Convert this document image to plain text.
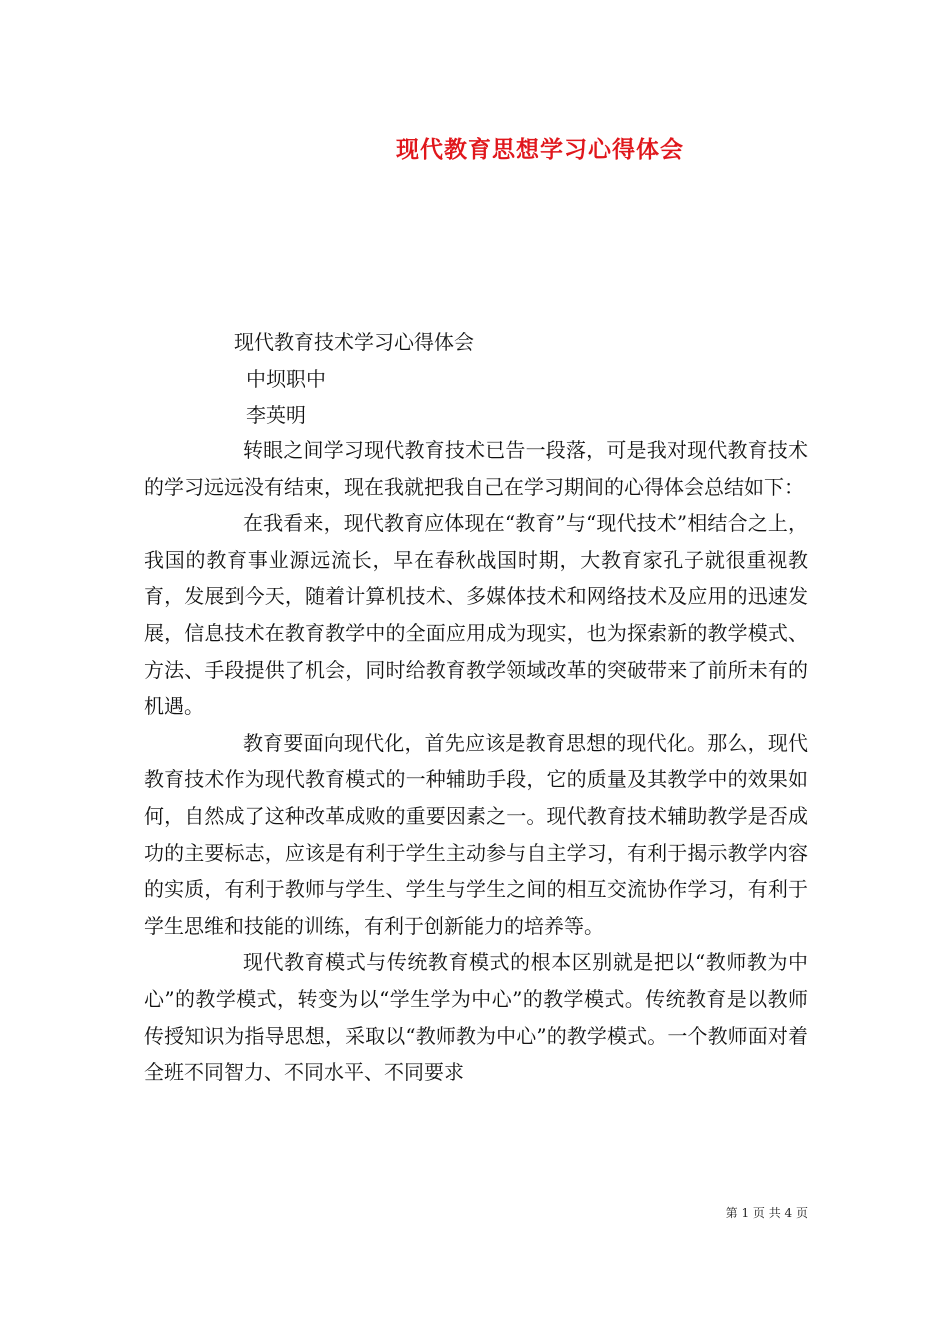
现代教育思想学习心得体会
现代教育技术学习心得体会
中坝职中
李英明

转眼之间学习现代教育技术已告一段落，可是我对现代教育技术的学习远远没有结束，现在我就把我自己在学习期间的心得体会总结如下：

在我看来，现代教育应体现在“教育”与“现代技术”相结合之上，我国的教育事业源远流长，早在春秋战国时期，大教育家孔子就很重视教育，发展到今天，随着计算机技术、多媒体技术和网络技术及应用的迅速发展，信息技术在教育教学中的全面应用成为现实，也为探索新的教学模式、方法、手段提供了机会，同时给教育教学领域改革的突破带来了前所未有的机遇。

教育要面向现代化，首先应该是教育思想的现代化。那么，现代教育技术作为现代教育模式的一种辅助手段，它的质量及其教学中的效果如何，自然成了这种改革成败的重要因素之一。现代教育技术辅助教学是否成功的主要标志，应该是有利于学生主动参与自主学习，有利于揭示教学内容的实质，有利于教师与学生、学生与学生之间的相互交流协作学习，有利于学生思维和技能的训练，有利于创新能力的培养等。

现代教育模式与传统教育模式的根本区别就是把以“教师教为中心”的教学模式，转变为以“学生学为中心”的教学模式。传统教育是以教师传授知识为指导思想，采取以“教师教为中心”的教学模式。一个教师面对着全班不同智力、不同水平、不同要求

第 1 页 共 4 页
